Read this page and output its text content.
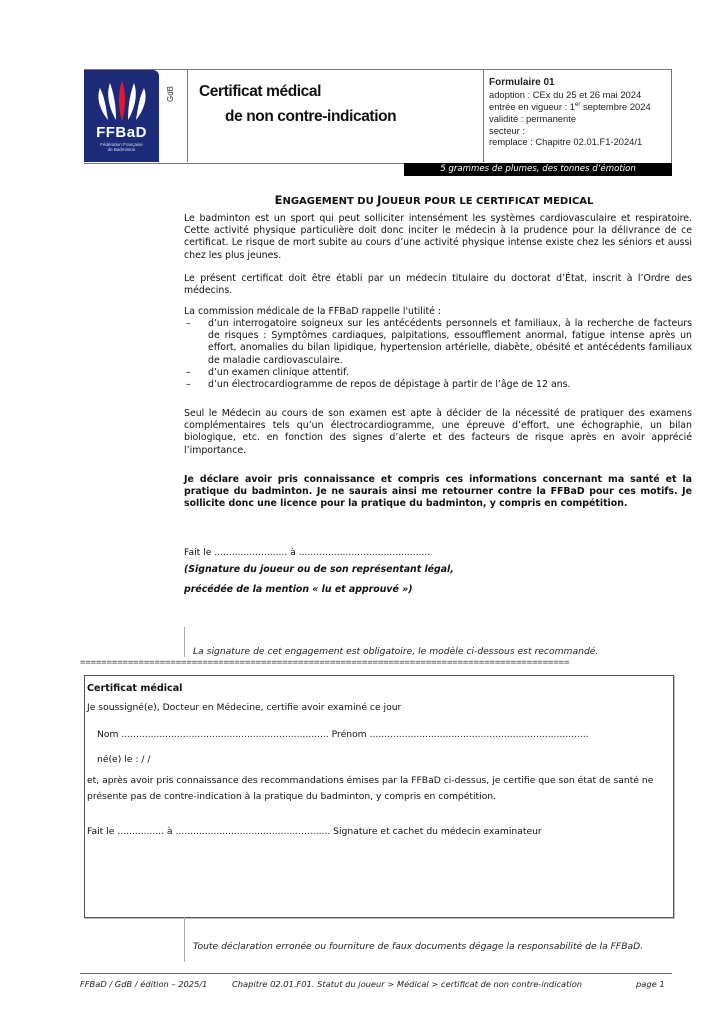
FFBaD
Fédération Française
de Badminton
GdB Certificat médical
de non contre-indication
Formulaire 01
adoption : CEx du 25 et 26 mai 2024
entrée en vigueur : 1er septembre 2024
validité : permanente
secteur :
remplace : Chapitre 02.01.F1-2024/1
5 grammes de plumes, des tonnes d’émotion
ENGAGEMENT DU JOUEUR POUR LE CERTIFICAT MEDICAL
Le badminton est un sport qui peut solliciter intensément les systèmes cardiovasculaire et respiratoire. Cette activité physique particulière doit donc inciter le médecin à la prudence pour la délivrance de ce certificat. Le risque de mort subite au cours d’une activité physique intense existe chez les séniors et aussi chez les plus jeunes.
Le présent certificat doit être établi par un médecin titulaire du doctorat d’État, inscrit à l’Ordre des médecins.
La commission médicale de la FFBaD rappelle l'utilité :
– d’un interrogatoire soigneux sur les antécédents personnels et familiaux, à la recherche de facteurs de risques : Symptômes cardiaques, palpitations, essoufflement anormal, fatigue intense après un effort, anomalies du bilan lipidique, hypertension artérielle, diabète, obésité et antécédents familiaux de maladie cardiovasculaire.
– d’un examen clinique attentif.
– d’un électrocardiogramme de repos de dépistage à partir de l’âge de 12 ans.
Seul le Médecin au cours de son examen est apte à décider de la nécessité de pratiquer des examens complémentaires tels qu’un électrocardiogramme, une épreuve d’effort, une échographie, un bilan biologique, etc. en fonction des signes d’alerte et des facteurs de risque après en avoir apprécié l’importance.
Je déclare avoir pris connaissance et compris ces informations concernant ma santé et la pratique du badminton. Je ne saurais ainsi me retourner contre la FFBaD pour ces motifs. Je sollicite donc une licence pour la pratique du badminton, y compris en compétition.
Fait le ......................... à .............................................
(Signature du joueur ou de son représentant légal,
précédée de la mention « lu et approuvé »)
La signature de cet engagement est obligatoire, le modèle ci-dessous est recommandé.
============================================================================================
Certificat médical
Je soussigné(e), Docteur en Médecine, certifie avoir examiné ce jour
Nom ....................................................................... Prénom ...........................................................................
né(e) le : / /
et, après avoir pris connaissance des recommandations émises par la FFBaD ci-dessus, je certifie que son état de santé ne présente pas de contre-indication à la pratique du badminton, y compris en compétition.
Fait le ................ à ..................................................... Signature et cachet du médecin examinateur
Toute déclaration erronée ou fourniture de faux documents dégage la responsabilité de la FFBaD.
FFBaD / GdB / édition – 2025/1	Chapitre 02.01.F01. Statut du joueur > Médical > certificat de non contre-indication	page 1
